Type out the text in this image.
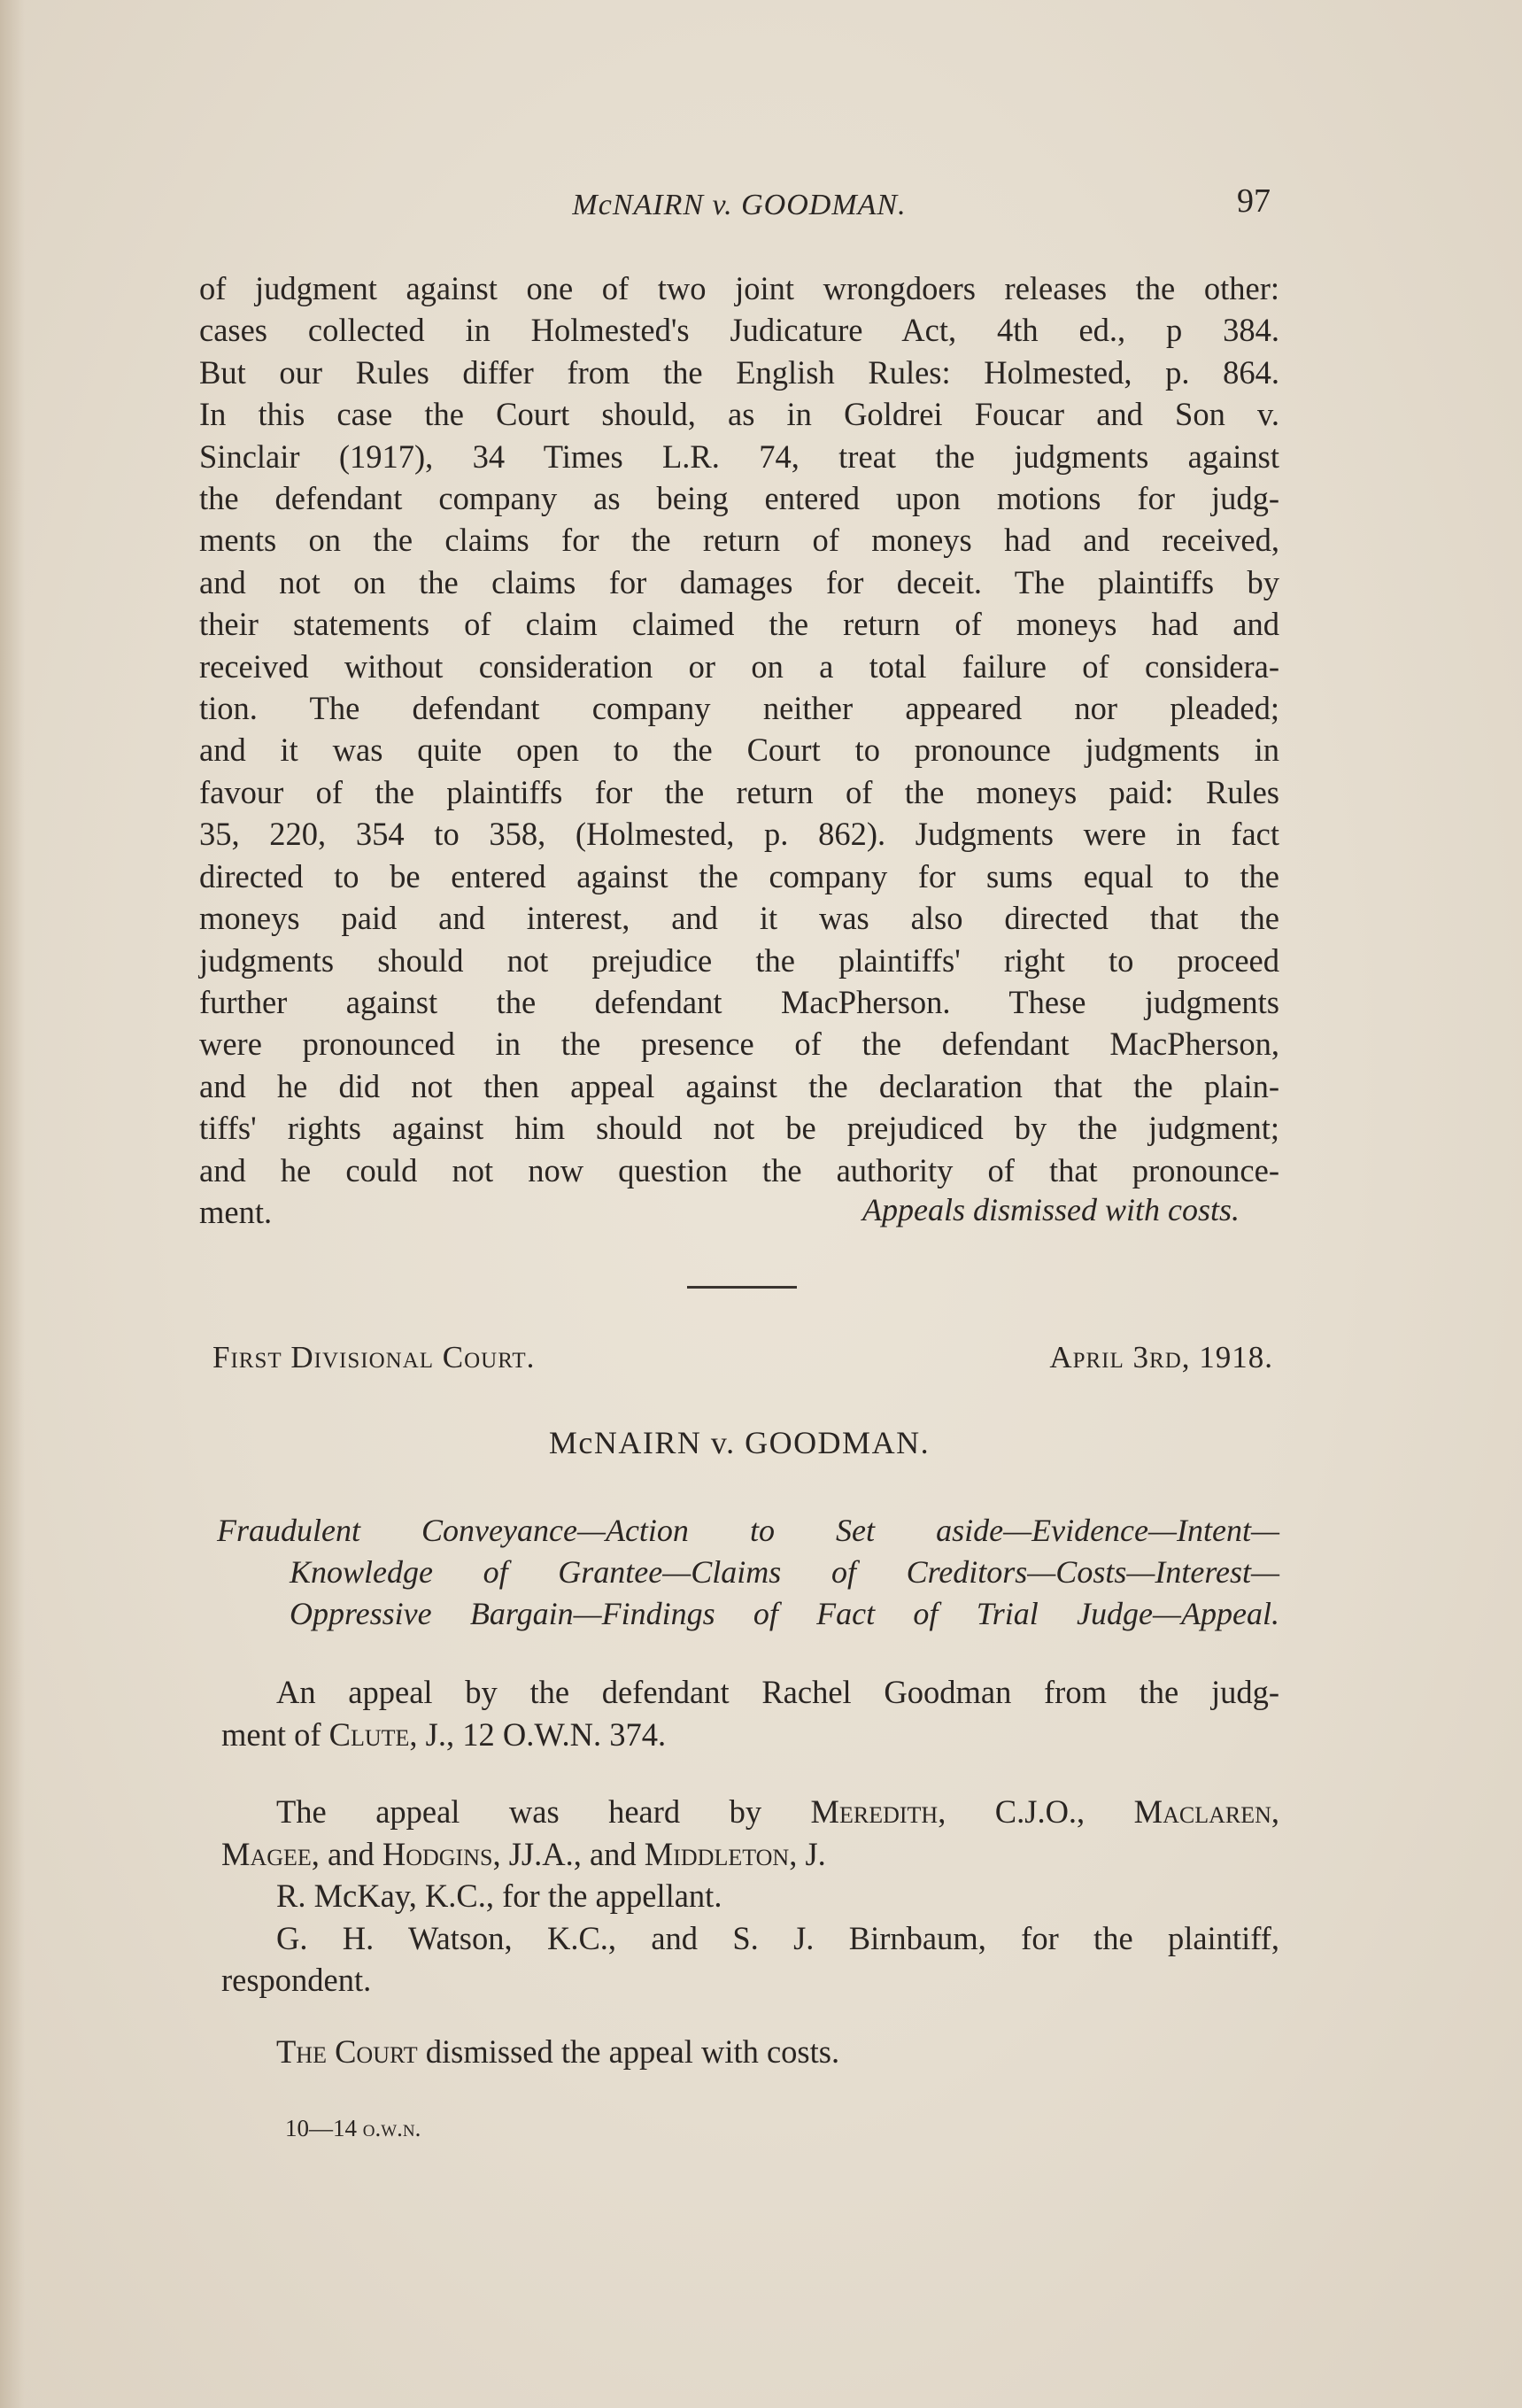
McNAIRN v. GOODMAN.	97

of judgment against one of two joint wrongdoers releases the other:
cases collected in Holmested's Judicature Act, 4th ed., p 384.
But our Rules differ from the English Rules: Holmested, p. 864.
In this case the Court should, as in Goldrei Foucar and Son v.
Sinclair (1917), 34 Times L.R. 74, treat the judgments against
the defendant company as being entered upon motions for judg-
ments on the claims for the return of moneys had and received,
and not on the claims for damages for deceit. The plaintiffs by
their statements of claim claimed the return of moneys had and
received without consideration or on a total failure of considera-
tion. The defendant company neither appeared nor pleaded;
and it was quite open to the Court to pronounce judgments in
favour of the plaintiffs for the return of the moneys paid: Rules
35, 220, 354 to 358, (Holmested, p. 862). Judgments were in fact
directed to be entered against the company for sums equal to the
moneys paid and interest, and it was also directed that the
judgments should not prejudice the plaintiffs' right to proceed
further against the defendant MacPherson. These judgments
were pronounced in the presence of the defendant MacPherson,
and he did not then appeal against the declaration that the plain-
tiffs' rights against him should not be prejudiced by the judgment;
and he could not now question the authority of that pronounce-
ment.	Appeals dismissed with costs.
First Divisional Court.	April 3rd, 1918.
McNAIRN v. GOODMAN.
Fraudulent Conveyance—Action to Set aside—Evidence—Intent—
Knowledge of Grantee—Claims of Creditors—Costs—Interest—
Oppressive Bargain—Findings of Fact of Trial Judge—Appeal.
An appeal by the defendant Rachel Goodman from the judg-
ment of Clute, J., 12 O.W.N. 374.
The appeal was heard by Meredith, C.J.O., Maclaren,
Magee, and Hodgins, JJ.A., and Middleton, J.
R. McKay, K.C., for the appellant.
G. H. Watson, K.C., and S. J. Birnbaum, for the plaintiff,
respondent.
The Court dismissed the appeal with costs.
10—14 o.w.n.
